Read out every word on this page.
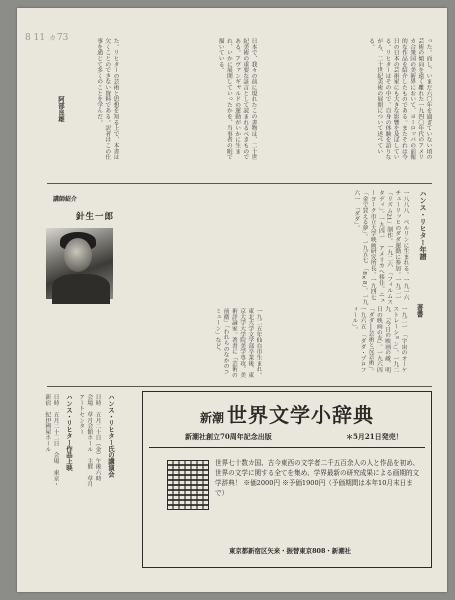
8 11 ヵ73	った。而し、いまだ六〇年を過ぎていない頃の芸術の傾向を遠く離れた一九四〇年代のアメリカ合衆国の美術界において、ヨーロッパの前衛的な作品を紹介したものである。またそれは今日の日本の芸術家にも大きな影響を及ぼしている。リヒターはその中で、自身の体験を語りながら、二十世紀美術の展開について述べている。
日本で、我々の前に現れたこの書物は、二十世紀美術の重要な証言として読まれるべきものである。アヴァンギャルドの運動がいかに生まれ、いかに展開していったかを、当事者の眼で描いている。
た。リヒターの芸術と思想を知る上で、本書は欠くことのできない資料である。訳者はこの仕事を通じて多くのことを学んだ。
阿部良雄
ハンス・リヒター年譜
一八八八　ベルリンに生まれる。一九一六　チューリッヒのダダ運動に参加。一九二一　「リズム21」制作。一九二六　「フィルムスタディ」。一九四一　アメリカへ移住。ニューヨーク市立大学映画研究所長。一九四七　「金で買える夢」。一九五七　「8×8」。一九六一　「ダダ」。
著書
一九二一　「宇宙のオーケストレーション」。一九二九　「今日の映画の敵、明日の映画の友」。一九六四　「ダダ──芸術と反芸術」。一九六五　「ダダ・プロフィール」。
講師紹介
針生一郎
一九二五年仙台市生まれ。東北大学文学部卒業後、東京大学大学院美学専攻。美術評論家。著書に「芸術の前衛」「われらのなかのコミューン」など。
ハンス・リヒター氏の講演会
日時　五月二十日（金）午後六時　会場　草月会館ホール　主催　草月アートセンター
ハンス・リヒター作品上映
日時　五月二十二日　会場　東京・新宿　紀伊國屋ホール	新潮 世界文学小辞典
新潮社創立70周年記念出版	＊5月21日発売！
世界七十数カ国、古今東西の文学者二千五百余人の人と作品を初め、世界の文学に関する全てを集め、学界最新の研究成果による画期的文学辞典！ ※価2000円 ※予価1900円（予価期間は本年10月末日まで）
東京都新宿区矢来・振替東京808・新潮社
